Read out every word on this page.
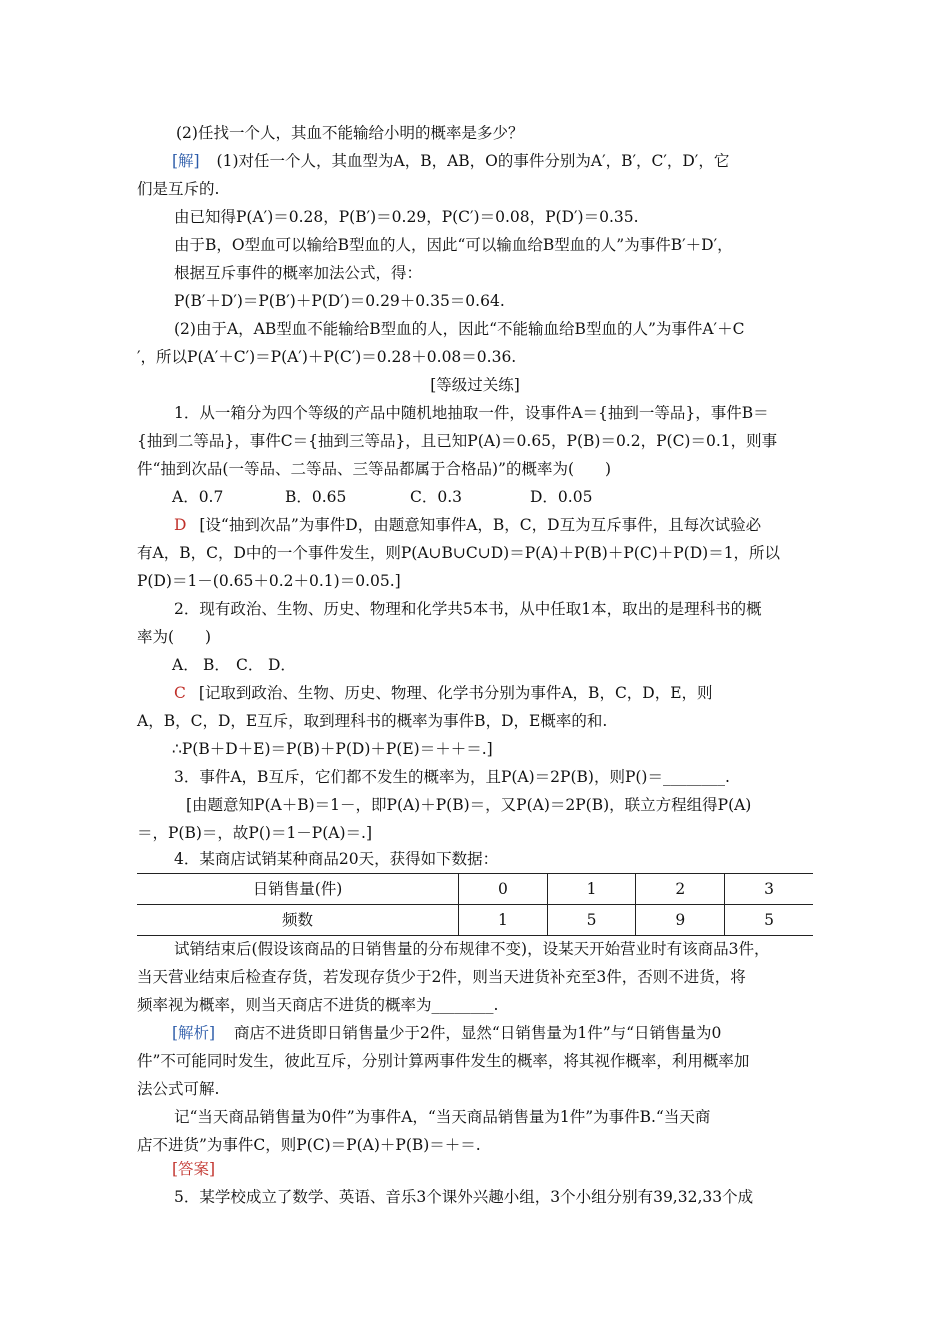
(2)任找一个人，其血不能输给小明的概率是多少？
[解] (1)对任一个人，其血型为A，B，AB，O的事件分别为A′，B′，C′，D′，它
们是互斥的.
由已知得P(A′)＝0.28，P(B′)＝0.29，P(C′)＝0.08，P(D′)＝0.35.
由于B，O型血可以输给B型血的人，因此“可以输血给B型血的人”为事件B′＋D′，
根据互斥事件的概率加法公式，得：
P(B′＋D′)＝P(B′)＋P(D′)＝0.29＋0.35＝0.64.
(2)由于A，AB型血不能输给B型血的人，因此“不能输血给B型血的人”为事件A′＋C
′，所以P(A′＋C′)＝P(A′)＋P(C′)＝0.28＋0.08＝0.36.
[等级过关练]
1．从一箱分为四个等级的产品中随机地抽取一件，设事件A＝{抽到一等品}，事件B＝
{抽到二等品}，事件C＝{抽到三等品}，且已知P(A)＝0.65，P(B)＝0.2，P(C)＝0.1，则事
件“抽到次品(一等品、二等品、三等品都属于合格品)”的概率为(　　)
A．0.7	B．0.65	C．0.3	D．0.05
D [设“抽到次品”为事件D，由题意知事件A，B，C，D互为互斥事件，且每次试验必
有A，B，C，D中的一个事件发生，则P(A∪B∪C∪D)＝P(A)＋P(B)＋P(C)＋P(D)＝1，所以
P(D)＝1－(0.65＋0.2＋0.1)＝0.05.]
2．现有政治、生物、历史、物理和化学共5本书，从中任取1本，取出的是理科书的概
率为(　　)
A． B． C． D．
C [记取到政治、生物、历史、物理、化学书分别为事件A，B，C，D，E，则
A，B，C，D，E互斥，取到理科书的概率为事件B，D，E概率的和.
∴P(B＋D＋E)＝P(B)＋P(D)＋P(E)＝＋＋＝.]
3．事件A，B互斥，它们都不发生的概率为，且P(A)＝2P(B)，则P()＝________.
[由题意知P(A＋B)＝1－，即P(A)＋P(B)＝，又P(A)＝2P(B)，联立方程组得P(A)
＝，P(B)＝，故P()＝1－P(A)＝.]
4．某商店试销某种商品20天，获得如下数据：
日销售量(件)	0	1	2	3
频数	1	5	9	5
试销结束后(假设该商品的日销售量的分布规律不变)，设某天开始营业时有该商品3件，
当天营业结束后检查存货，若发现存货少于2件，则当天进货补充至3件，否则不进货，将
频率视为概率，则当天商店不进货的概率为________.
[解析] 商店不进货即日销售量少于2件，显然“日销售量为1件”与“日销售量为0
件”不可能同时发生，彼此互斥，分别计算两事件发生的概率，将其视作概率，利用概率加
法公式可解.
记“当天商品销售量为0件”为事件A，“当天商品销售量为1件”为事件B.“当天商
店不进货”为事件C，则P(C)＝P(A)＋P(B)＝＋＝.
[答案]
5．某学校成立了数学、英语、音乐3个课外兴趣小组，3个小组分别有39,32,33个成
